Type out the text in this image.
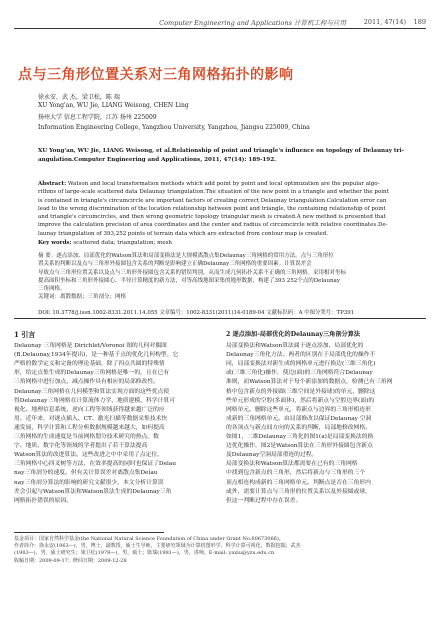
Computer Engineering and Applications 计算机工程与应用	2011, 47(14) 189
点与三角形位置关系对三角网格拓扑的影响
徐永安，武 杰，梁卫松，陈 瑞
XU Yong'an, WU Jie, LIANG Weisong, CHEN Ling
扬州大学 信息工程学院，江苏 扬州 225009
Information Engineering College, Yangzhou University, Yangzhou, Jiangsu 225009, China
XU Yong'an, WU Jie, LIANG Weisong, et al.Relationship of point and triangle's influence on topology of Delaunay tri-
angulation.Computer Engineering and Applications, 2011, 47(14): 189-192.
Abstract: Watson and local transformation methods which add point by point and local optimization are the popular algo-
rithms of large-scale scattered data Delaunay triangulation.The situation of the new point in a triangle and whether the point
is contained in triangle's circumcircle are important factors of creating correct Delaunay triangulation.Calculation error can
lead to the wrong discrimination of the location relationship between point and triangle, the containing relationship of point
and triangle's circumcircles, and then wrong geometric topology triangular mesh is created.A new method is presented that
improve the calculation precision of area coordinates and the center and radius of circumcircle with relative coordinates.De-
launay triangulation of 393,252 points of terrain data which are extracted from contour map is created.
Key words: scattered data; triangulation; mesh
摘 要：逐点添加、局部优化的Watson算法和局部变换法是大规模离散点集Delaunay三角网格的常用方法。点与三角形位
置关系的判断以及点与三角形外接圆包含关系的判断是影响建立正确Delaunay三角网格的重要因素。计算误差会
导致点与三角形位置关系以及点与三角形外接圆包含关系的错误判别，从而生成几何拓扑关系不正确的三角网格。采用相对坐标
提高面积坐标和三角形外接圆心、半径计算精度的新方法，对等高线地图采集的地形数据，构建了393 252个点的Delaunay
三角网格。
关键词：离散数据；三角剖分；网格
DOI: 10.3778/j.issn.1002-8331.2011.14.055 文章编号：1002-8331(2011)14-0189-04 文献标识码：A 中图分类号：TP391
1 引言
Delaunay 三角网格是 Dirichlet/Voronoi 图的几何对偶图
(B.Delaunay,1934年提出)，是一种基于点的优化几何构型。它
严格的数学定义和完备的理论基础，除了四点共圆的特殊情
形，给定点集生成的Delaunay三角网格是唯一的，且在已有
三角网格中进行加点、减点操作具有相应的局部修改性。
Delaunay三角网格在几何模型和算法实现方面的这些优点使
得Delaunay三角网格在计算流体力学、地质建模、科学计算可
视化、地理信息系统、逆向工程等领域获得越来越广泛的应
用。近年来，对逐点插入、CT、激光扫描等数据采集技术快
速发展，科学计算和工程分析数据规模越来越大，如何提高
三角网格的生成速度是当前网格划分技术研究的热点。数
字、地质、数字化等领域的学者提出了若干算法提高
Watson算法的改进算法。这些改进之中中采用了点定位，
三角网格中心四叉树等方法，在效率提高的同时也保证了Delau
nay三角剖分的速度。但有关计算误差对离散点集Delau
nay三角剖分算法的影响的研究文献很少，本文分析计算误
差会引起与Watson算法和Watson算法生成的Delaunay三角
网格拓扑错误的原因。
2 逐点添加-局部优化的Delaunay三角剖分算法
局部变换法和Watson算法属于逐点添加、局部优化的
Delaunay三角化方法。两者的区别在于局部优化的操作不
同，局部变换法对新生成的网格单元进行换边(三维三角化)
或(三维三角化)操作，使边(面)的三角网格符合Delaunay
准则，而Watson算法对于每个新添加的数据点，检测已有三角网
格中包含新点的外接圆(三维空间是外接球)的单元，删除这
些单元形成的空腔(多面体)，然后将新点与空腔边界(面)的
网格单元，删除这些单元，将新点与边界的三角形相连形
成新的三角网格单元。由局部修改以保证Delaunay 空洞
的各顶点与新点间方向的关系的判断，局部地修改网格。
如图1，二维Delaunay三角化的图1(a)是局部变换法的换
边优化操作，图2是Watson算法在三角形外接圆包含新点
及Delaunay空洞局部重连的过程。
局部变换法和Watson算法都需要在已有的三角网格
中找到包含新点的三角形，然后将新点与三角形的三个
顶点相连构成新的三角网格单元。判断点是否在三角形内
或外，需要计算点与三角形的位置关系以及外接圆或球，
但这一判断过程中存在误差。
基金项目：国家自然科学基金(the National Natural Science Foundation of China under Grant No.60673066)。
作者简介：徐永安(1963—)，男，博士，副教授，硕士生导师，主要研究领域为计算机图形学、科学计算可视化、数据挖掘；武杰
(1983—)，男，硕士研究生；梁卫松(1978—)，男，硕士；陈瑞(1981—)，男，讲师。E-mail: yaxiu@yzu.edu.cn
收稿日期：2009-09-17；修回日期：2009-12-28
